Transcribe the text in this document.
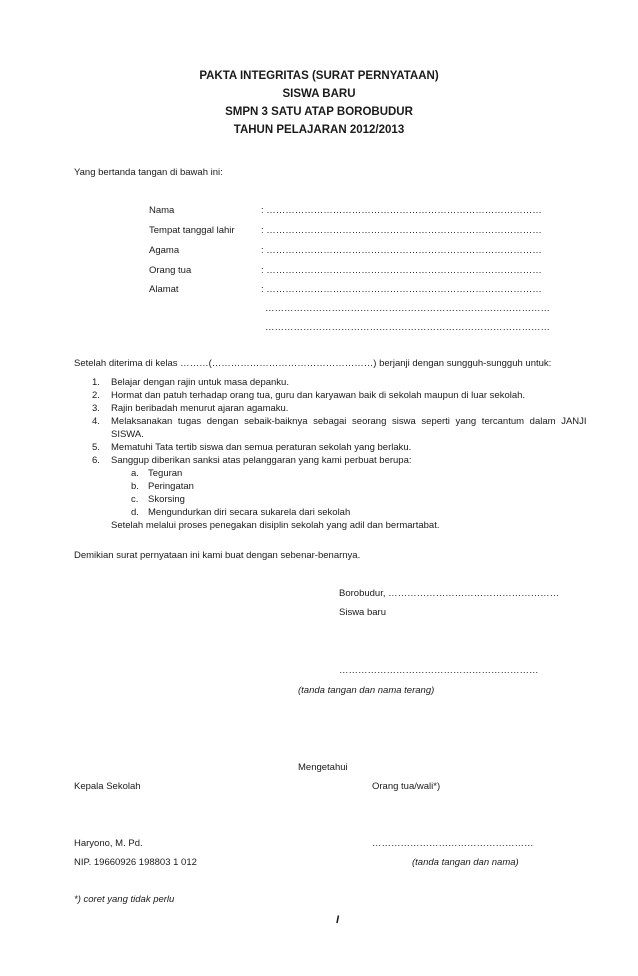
PAKTA INTEGRITAS (SURAT PERNYATAAN)
SISWA BARU
SMPN 3 SATU ATAP BOROBUDUR
TAHUN PELAJARAN 2012/2013
Yang bertanda tangan di bawah ini:
Nama	: ……………………………………………………………………………
Tempat tanggal lahir	: ……………………………………………………………………………
Agama	: ……………………………………………………………………………
Orang tua	: ……………………………………………………………………………
Alamat	: ……………………………………………………………………………
………………………………………………………………………………
………………………………………………………………………………
Setelah diterima di kelas ………(……………………………………………) berjanji dengan sungguh-sungguh untuk:
1. Belajar dengan rajin untuk masa depanku.
2. Hormat dan patuh terhadap orang tua, guru dan karyawan baik di sekolah maupun di luar sekolah.
3. Rajin beribadah menurut ajaran agamaku.
4. Melaksanakan tugas dengan sebaik-baiknya sebagai seorang siswa seperti yang tercantum dalam JANJI
SISWA.
5. Mematuhi Tata tertib siswa dan semua peraturan sekolah yang berlaku.
6. Sanggup diberikan sanksi atas pelanggaran yang kami perbuat berupa:
a. Teguran
b. Peringatan
c. Skorsing
d. Mengundurkan diri secara sukarela dari sekolah
Setelah melalui proses penegakan disiplin sekolah yang adil dan bermartabat.
Demikian surat pernyataan ini kami buat dengan sebenar-benarnya.
Borobudur, ………………………………………………
Siswa baru
………………………………………………………
(tanda tangan dan nama terang)
Mengetahui
Kepala Sekolah	Orang tua/wali*)
Haryono, M. Pd.	……………………………………………
NIP. 19660926 198803 1 012	(tanda tangan dan nama)
*) coret yang tidak perlu
I
